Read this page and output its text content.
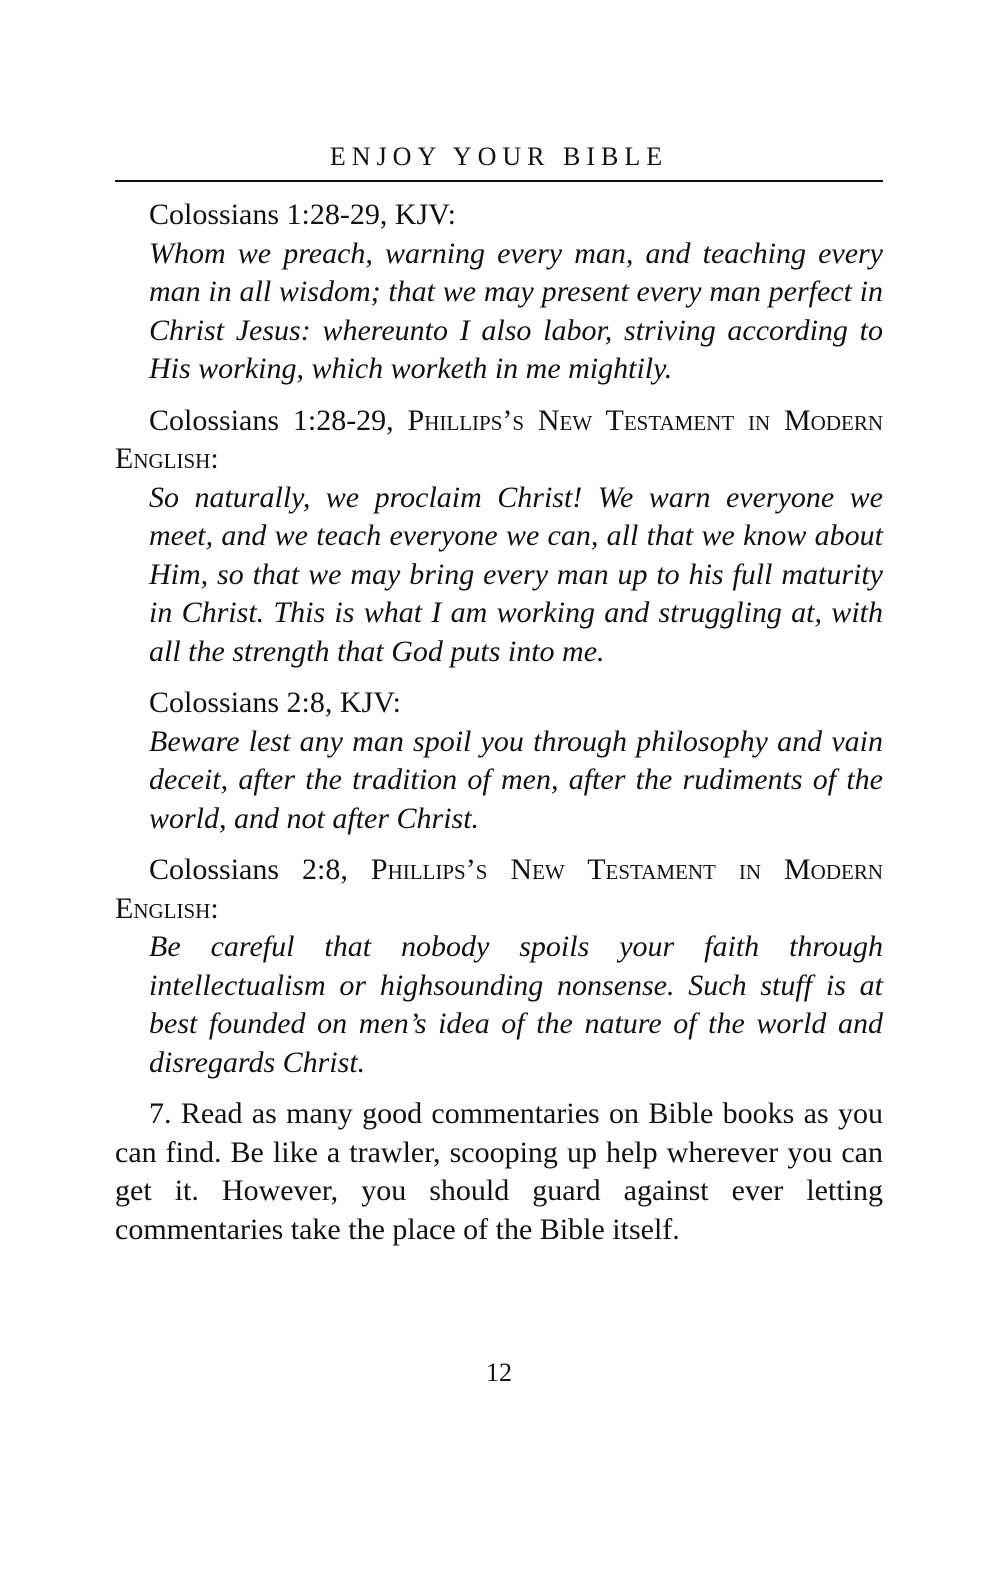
ENJOY YOUR BIBLE
Colossians 1:28-29, KJV:
Whom we preach, warning every man, and teaching every man in all wisdom; that we may present every man perfect in Christ Jesus: whereunto I also labor, striving according to His working, which worketh in me mightily.
Colossians 1:28-29, Phillips’s New Testament in Modern English:
So naturally, we proclaim Christ! We warn everyone we meet, and we teach everyone we can, all that we know about Him, so that we may bring every man up to his full maturity in Christ. This is what I am working and struggling at, with all the strength that God puts into me.
Colossians 2:8, KJV:
Beware lest any man spoil you through philosophy and vain deceit, after the tradition of men, after the rudiments of the world, and not after Christ.
Colossians 2:8, Phillips’s New Testament in Modern English:
Be careful that nobody spoils your faith through intellectualism or highsounding nonsense. Such stuff is at best founded on men’s idea of the nature of the world and disregards Christ.
7. Read as many good commentaries on Bible books as you can find. Be like a trawler, scooping up help wherever you can get it. However, you should guard against ever letting commentaries take the place of the Bible itself.
12
